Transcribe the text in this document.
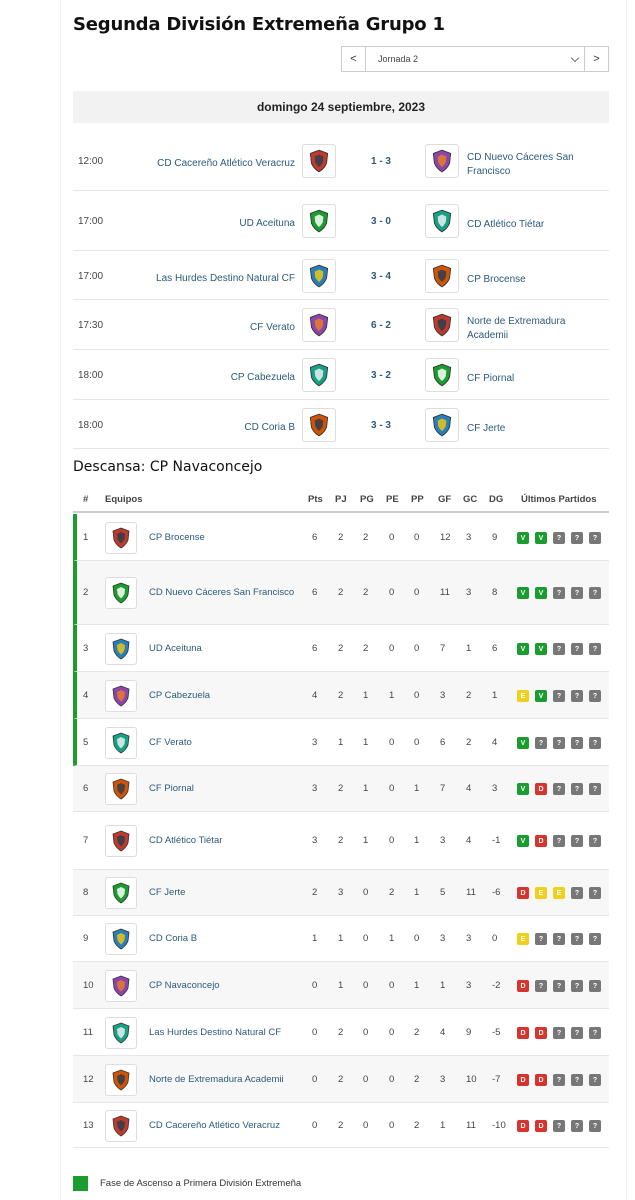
Segunda División Extremeña Grupo 1
<	Jornada 2	>
domingo 24 septiembre, 2023
12:00	CD Cacereño Atlético Veracruz	1 - 3	CD Nuevo Cáceres San Francisco
17:00	UD Aceituna	3 - 0	CD Atlético Tiétar
17:00	Las Hurdes Destino Natural CF	3 - 4	CP Brocense
17:30	CF Verato	6 - 2	Norte de Extremadura Academii
18:00	CP Cabezuela	3 - 2	CF Piornal
18:00	CD Coria B	3 - 3	CF Jerte
Descansa: CP Navaconcejo
# Equipos	Pts PJ PG PE PP GF GC DG Últimos Partidos
1	CP Brocense	6 2 2 0 0 12 3 9	V	V	?	?	?
2	CD Nuevo Cáceres San Francisco 6 2 2 0 0 11 3 8	V	V	?	?	?
3	UD Aceituna	6 2 2 0 0 7 1 6	V	V	?	?	?
4	CP Cabezuela	4 2 1 1 0 3 2 1	E	V	?	?	?
5	CF Verato	3 1 1 0 0 6 2 4	V	?	?	?	?
6	CF Piornal	3 2 1 0 1 7 4 3	V	D	?	?	?
7	CD Atlético Tiétar	3 2 1 0 1 3 4 -1	V	D	?	?	?
8	CF Jerte	2 3 0 2 1 5 11 -6	D	E	E	?	?
9	CD Coria B	1 1 0 1 0 3 3 0	E	?	?	?	?
10	CP Navaconcejo	0 1 0 0 1 1 3 -2	D	?	?	?	?
11	Las Hurdes Destino Natural CF	0 2 0 0 2 4 9 -5	D	D	?	?	?
12	Norte de Extremadura Academii	0 2 0 0 2 3 10 -7	D	D	?	?	?
13	CD Cacereño Atlético Veracruz	0 2 0 0 2 1 11 -10	D	D	?	?	?
Fase de Ascenso a Primera División Extremeña
